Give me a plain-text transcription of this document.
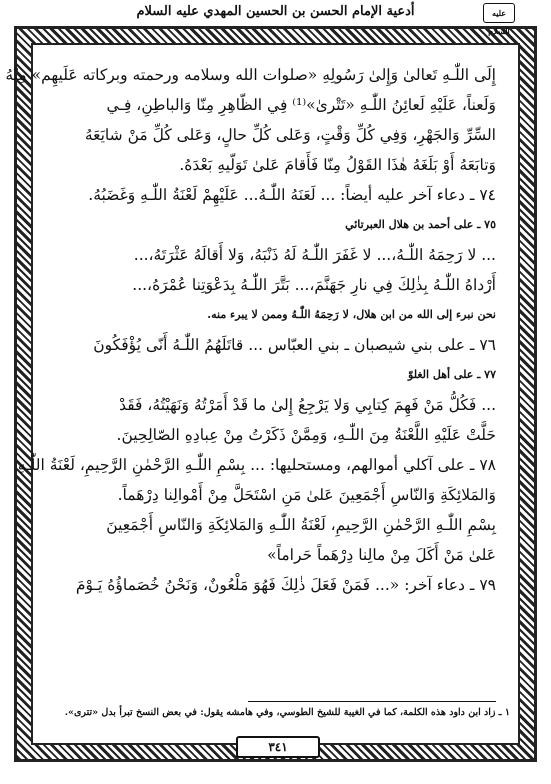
أدعية الإمام الحسن بن الحسين المهدي عليه السلام	عليه السلام
إِلَى اللّٰـهِ تَعالىٰ وَإِلىٰ رَسُولِهِ «صلوات الله وسلامه ورحمته وبركاته عَلَيهِم» مِنْهُ
وَلَعناً، عَلَيْهِ لَعائِنُ اللّٰـهِ «تَتْرىٰ»⁽¹⁾ فِي الظّاهِرِ مِنّا وَالباطِنِ، فِـي
السِّرِّ وَالجَهْرِ، وَفِي كُلِّ وَقْتٍ، وَعَلى كُلِّ حالٍ، وَعَلى كُلِّ مَنْ شايَعَهُ
وَتابَعَهُ أَوْ بَلَغَهُ هٰذَا القَوْلُ مِنّا فَأَقامَ عَلىٰ تَوَلّيهِ بَعْدَهُ.
٧٤ ـ دعاء آخر عليه أيضاً: ... لَعَنَهُ اللّٰـهُ... عَلَيْهِمْ لَعْنَةُ اللّٰـهِ وَغَضَبُهُ.
٧٥ ـ على أحمد بن هلال العبرتائي
... لا رَحِمَهُ اللّٰـهُ،... لا غَفَرَ اللّٰـهُ لَهُ ذَنْبَهُ، وَلا أَقالَهُ عَثْرَتَهُ،...
أَرْداهُ اللّٰـهُ بِذٰلِكَ فِي نارِ جَهَنَّمَ،... بَتَّرَ اللّٰـهُ بِدَعْوَتِنا عُمْرَهُ،...
نحن نبرء إلى الله من ابن هلال، لا رَحِمَهُ اللّٰـهُ وممن لا يبرء منه.
٧٦ ـ على بني شيصبان ـ بني العبّاس ... قاتَلَهُمُ اللّٰـهُ أَنّى يُؤْفَكُونَ
٧٧ ـ على أهل الغلوّ
... فَكُلُّ مَنْ فَهِمَ كِتابِي وَلا يَرْجِعُ إِلىٰ ما قَدْ أَمَرْتُهُ وَنَهَيْتُهُ، فَقَدْ
حَلَّتْ عَلَيْهِ اللَّعْنَةُ مِنَ اللّٰـهِ، وَمِمَّنْ ذَكَرْتُ مِنْ عِبادِهِ الصّالِحِينَ.
٧٨ ـ على آكلي أموالهم، ومستحليها: ... بِسْمِ اللّٰـهِ الرَّحْمٰنِ الرَّحِيمِ، لَعْنَةُ اللّٰـهِ
وَالمَلائِكَةِ وَالنّاسِ أَجْمَعِينَ عَلىٰ مَنِ اسْتَحَلَّ مِنْ أَمْوالِنا دِرْهَماً.
بِسْمِ اللّٰـهِ الرَّحْمٰنِ الرَّحِيمِ، لَعْنَةُ اللّٰـهِ وَالمَلائِكَةِ وَالنّاسِ أَجْمَعِينَ
عَلىٰ مَنْ أَكَلَ مِنْ مالِنا دِرْهَماً حَراماً»
٧٩ ـ دعاء آخر: «... فَمَنْ فَعَلَ ذٰلِكَ فَهُوَ مَلْعُونٌ، وَنَحْنُ خُصَماؤُهُ يَـوْمَ
١ ـ زاد ابن داود هذه الكلمة، كما في الغيبة للشيخ الطوسي، وفي هامشه يقول: في بعض النسخ تبرأ بدل «تترى».
٣٤١
